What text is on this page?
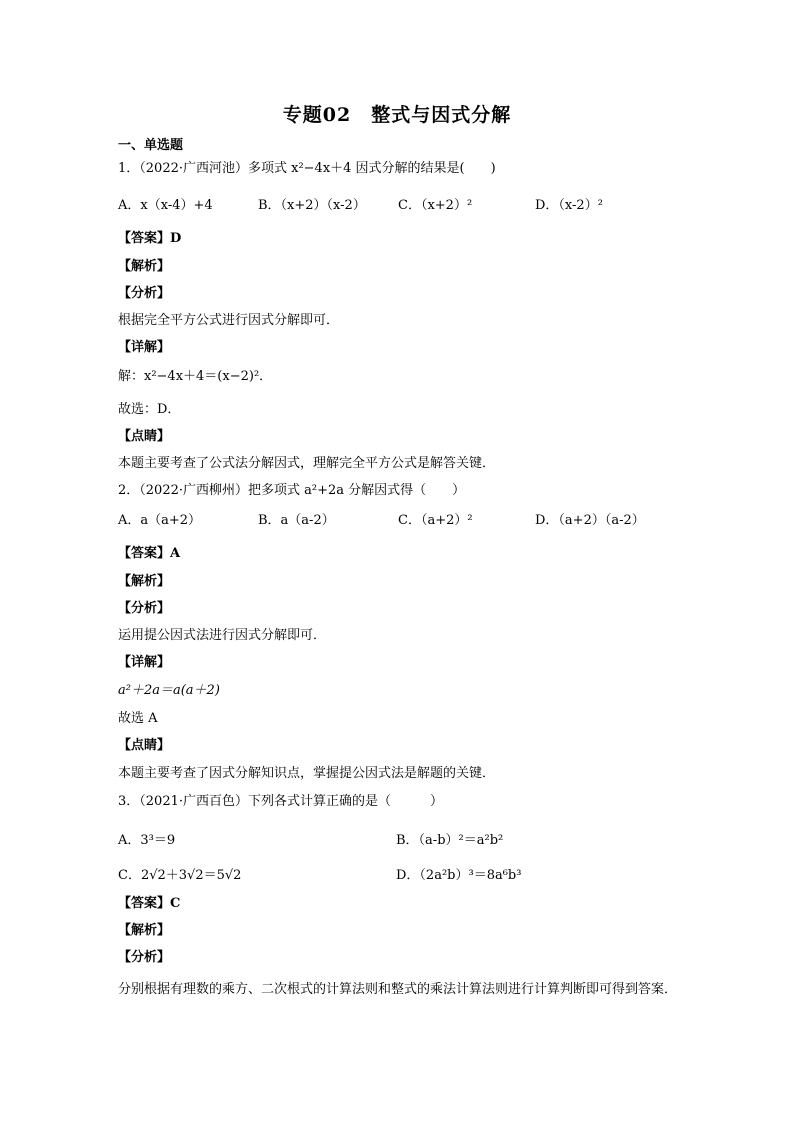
专题02　整式与因式分解
一、单选题
1．（2022·广西河池）多项式 x²−4x＋4 因式分解的结果是(　　)
A．x（x-4）+4	B．（x+2）（x-2） C．（x+2）²	D．（x-2）²
【答案】D
【解析】
【分析】
根据完全平方公式进行因式分解即可．
【详解】
解：x²−4x＋4＝(x−2)²．
故选：D．
【点睛】
本题主要考查了公式法分解因式，理解完全平方公式是解答关键．
2．（2022·广西柳州）把多项式 a²+2a 分解因式得（　　）
A．a（a+2）	B．a（a-2）	C．（a+2）²	D．（a+2）（a-2）
【答案】A
【解析】
【分析】
运用提公因式法进行因式分解即可．
【详解】
a²＋2a＝a(a＋2)
故选 A
【点睛】
本题主要考查了因式分解知识点，掌握提公因式法是解题的关键．
3．（2021·广西百色）下列各式计算正确的是（　　　）
A．3³＝9	B．（a-b）²＝a²b²
C．2√2＋3√2＝5√2	D．（2a²b）³＝8a⁶b³
【答案】C
【解析】
【分析】
分别根据有理数的乘方、二次根式的计算法则和整式的乘法计算法则进行计算判断即可得到答案．
